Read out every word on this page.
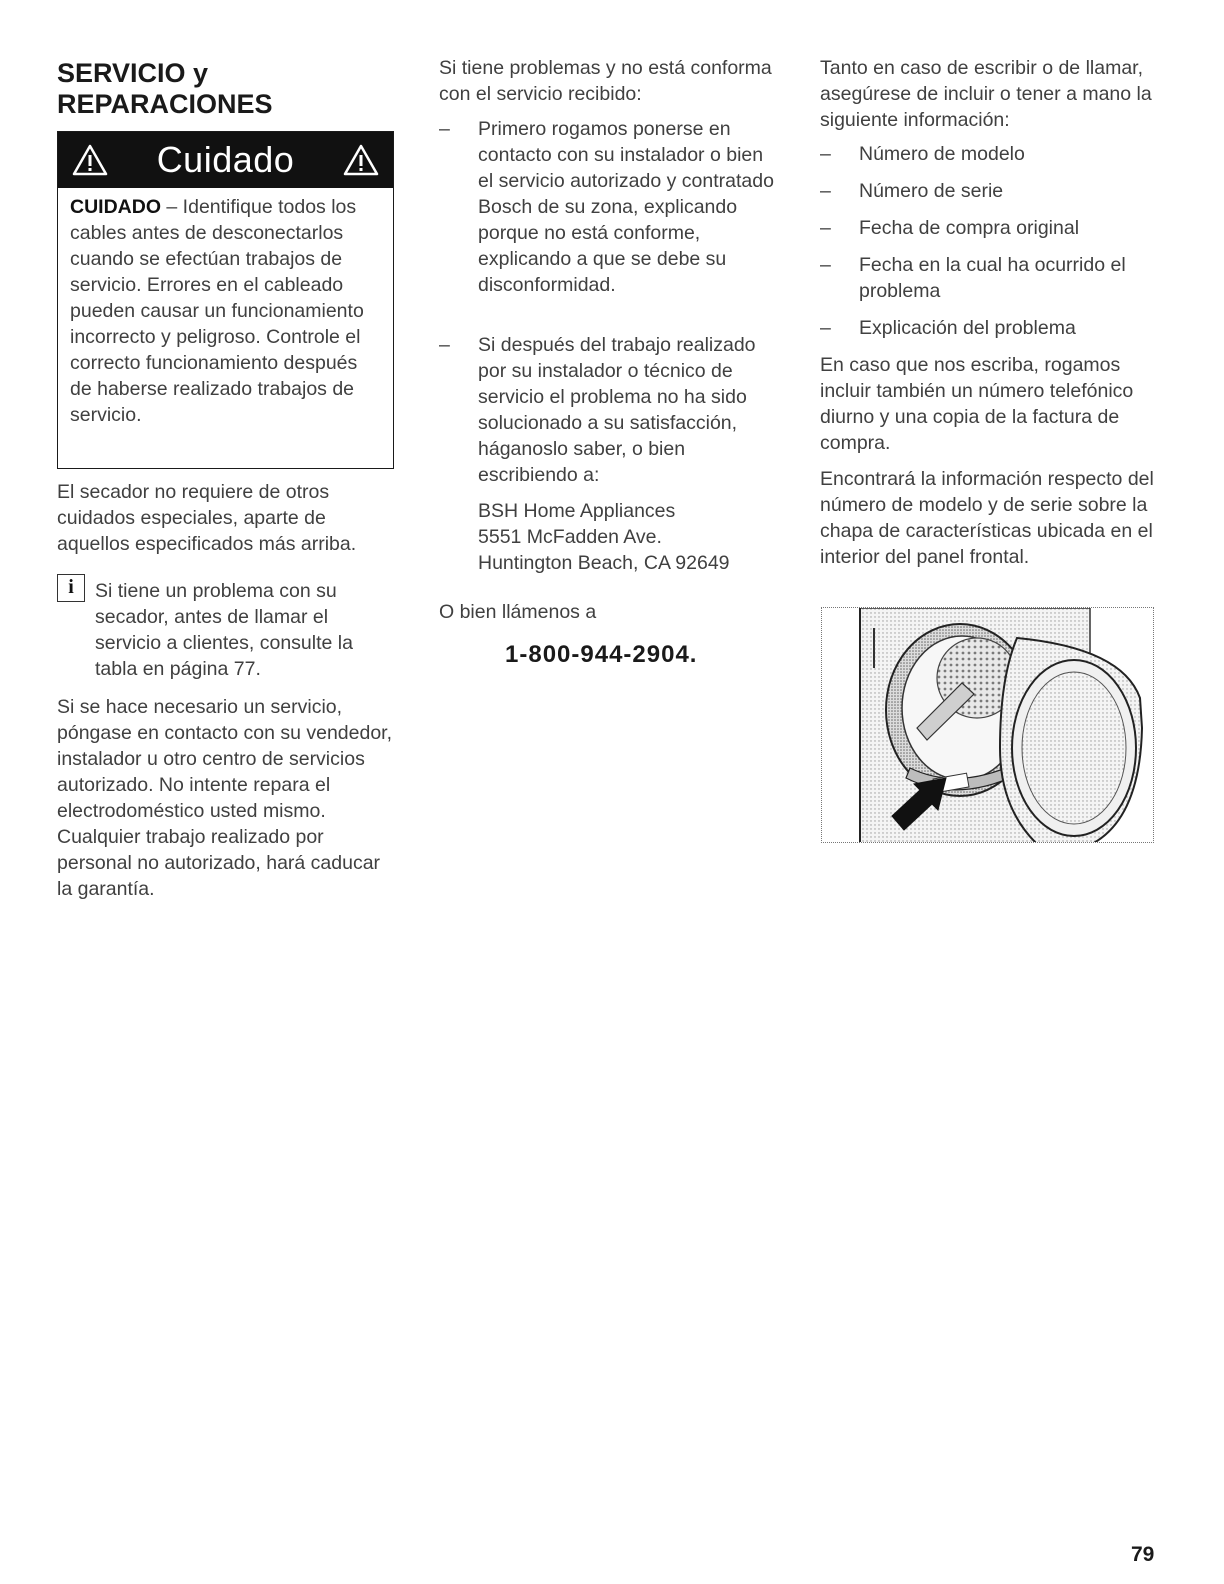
SERVICIO y
REPARACIONES
Cuidado
CUIDADO – Identifique todos los cables antes de desconectarlos cuando se efectúan trabajos de servicio. Errores en el cableado pueden causar un funcionamiento incorrecto y peligroso. Controle el correcto funcionamiento después de haberse realizado trabajos de servicio.

El secador no requiere de otros cuidados especiales, aparte de aquellos especificados más arriba.

i	Si tiene un problema con su secador, antes de llamar el servicio a clientes, consulte la tabla en página 77.

Si se hace necesario un servicio, póngase en contacto con su vendedor, instalador u otro centro de servicios autorizado. No intente repara el electrodoméstico usted mismo. Cualquier trabajo realizado por personal no autorizado, hará caducar la garantía.

Si tiene problemas y no está conforma con el servicio recibido:

–	Primero rogamos ponerse en contacto con su instalador o bien el servicio autorizado y contratado Bosch de su zona, explicando porque no está conforme, explicando a que se debe su disconformidad.
–	Si después del trabajo realizado por su instalador o técnico de servicio el problema no ha sido solucionado a su satisfacción, háganoslo saber, o bien escribiendo a:
BSH Home Appliances
5551 McFadden Ave.
Huntington Beach, CA 92649

O bien llámenos a

1-800-944-2904.

Tanto en caso de escribir o de llamar, asegúrese de incluir o tener a mano la siguiente información:

– Número de modelo
– Número de serie
– Fecha de compra original
– Fecha en la cual ha ocurrido el problema
– Explicación del problema

En caso que nos escriba, rogamos incluir también un número telefónico diurno y una copia de la factura de compra.

Encontrará la información respecto del número de modelo y de serie sobre la chapa de características ubicada en el interior del panel frontal.

79
